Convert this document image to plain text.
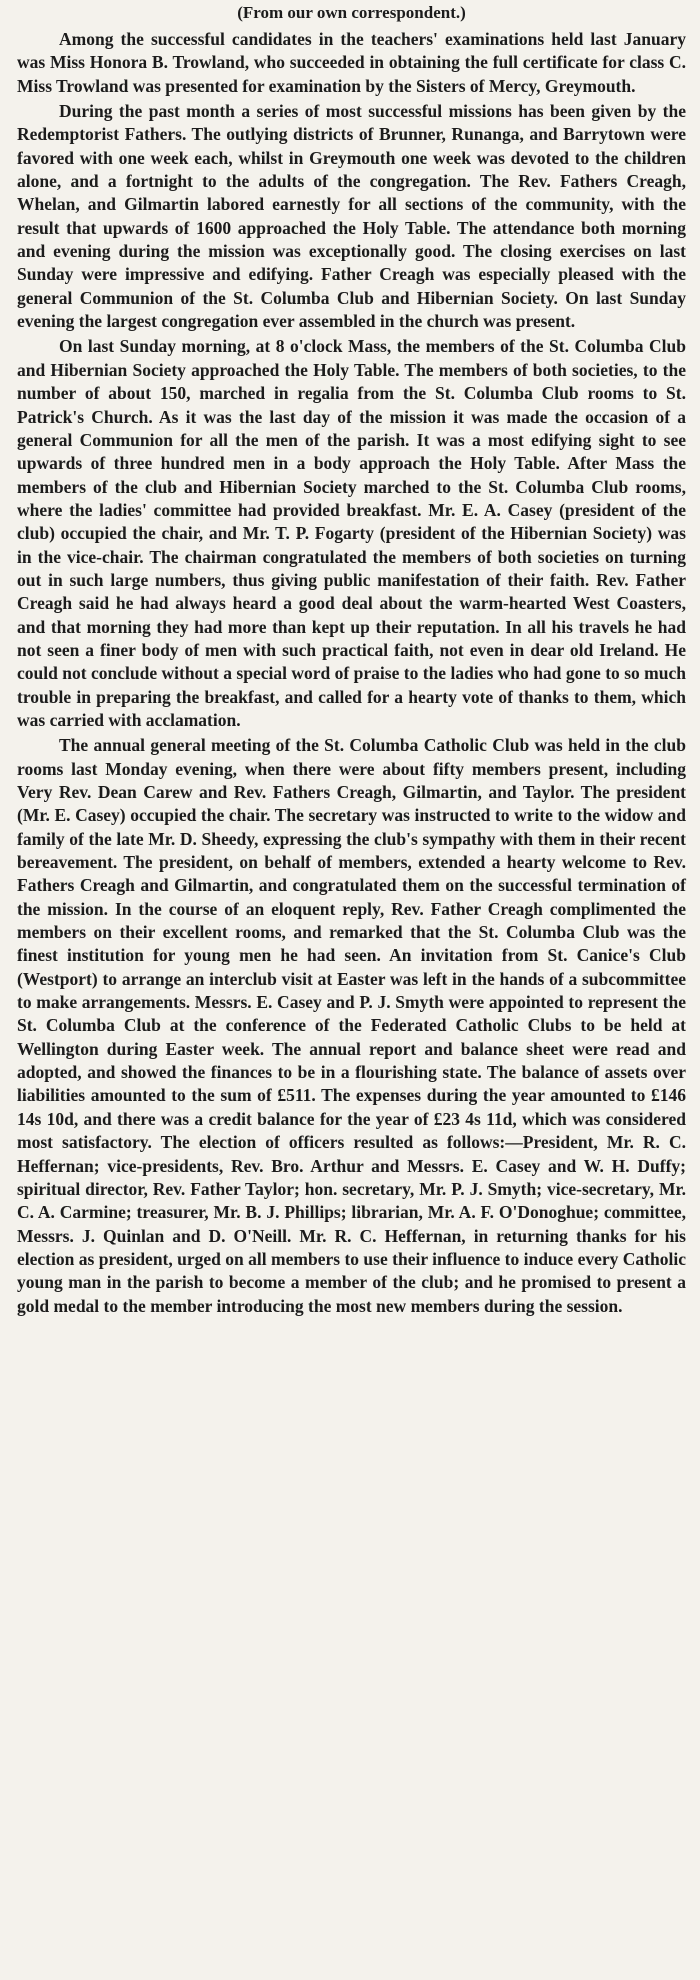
(From our own correspondent.)

Among the successful candidates in the teachers' examinations held last January was Miss Honora B. Trowland, who succeeded in obtaining the full certificate for class C. Miss Trowland was presented for examination by the Sisters of Mercy, Greymouth.

During the past month a series of most successful missions has been given by the Redemptorist Fathers. The outlying districts of Brunner, Runanga, and Barrytown were favored with one week each, whilst in Greymouth one week was devoted to the children alone, and a fortnight to the adults of the congregation. The Rev. Fathers Creagh, Whelan, and Gilmartin labored earnestly for all sections of the community, with the result that upwards of 1600 approached the Holy Table. The attendance both morning and evening during the mission was exceptionally good. The closing exercises on last Sunday were impressive and edifying. Father Creagh was especially pleased with the general Communion of the St. Columba Club and Hibernian Society. On last Sunday evening the largest congregation ever assembled in the church was present.

On last Sunday morning, at 8 o'clock Mass, the members of the St. Columba Club and Hibernian Society approached the Holy Table. The members of both societies, to the number of about 150, marched in regalia from the St. Columba Club rooms to St. Patrick's Church. As it was the last day of the mission it was made the occasion of a general Communion for all the men of the parish. It was a most edifying sight to see upwards of three hundred men in a body approach the Holy Table. After Mass the members of the club and Hibernian Society marched to the St. Columba Club rooms, where the ladies' committee had provided breakfast. Mr. E. A. Casey (president of the club) occupied the chair, and Mr. T. P. Fogarty (president of the Hibernian Society) was in the vice-chair. The chairman congratulated the members of both societies on turning out in such large numbers, thus giving public manifestation of their faith. Rev. Father Creagh said he had always heard a good deal about the warm-hearted West Coasters, and that morning they had more than kept up their reputation. In all his travels he had not seen a finer body of men with such practical faith, not even in dear old Ireland. He could not conclude without a special word of praise to the ladies who had gone to so much trouble in preparing the breakfast, and called for a hearty vote of thanks to them, which was carried with acclamation.

The annual general meeting of the St. Columba Catholic Club was held in the club rooms last Monday evening, when there were about fifty members present, including Very Rev. Dean Carew and Rev. Fathers Creagh, Gilmartin, and Taylor. The president (Mr. E. Casey) occupied the chair. The secretary was instructed to write to the widow and family of the late Mr. D. Sheedy, expressing the club's sympathy with them in their recent bereavement. The president, on behalf of members, extended a hearty welcome to Rev. Fathers Creagh and Gilmartin, and congratulated them on the successful termination of the mission. In the course of an eloquent reply, Rev. Father Creagh complimented the members on their excellent rooms, and remarked that the St. Columba Club was the finest institution for young men he had seen. An invitation from St. Canice's Club (Westport) to arrange an interclub visit at Easter was left in the hands of a subcommittee to make arrangements. Messrs. E. Casey and P. J. Smyth were appointed to represent the St. Columba Club at the conference of the Federated Catholic Clubs to be held at Wellington during Easter week. The annual report and balance sheet were read and adopted, and showed the finances to be in a flourishing state. The balance of assets over liabilities amounted to the sum of £511. The expenses during the year amounted to £146 14s 10d, and there was a credit balance for the year of £23 4s 11d, which was considered most satisfactory. The election of officers resulted as follows:—President, Mr. R. C. Heffernan; vice-presidents, Rev. Bro. Arthur and Messrs. E. Casey and W. H. Duffy; spiritual director, Rev. Father Taylor; hon. secretary, Mr. P. J. Smyth; vice-secretary, Mr. C. A. Carmine; treasurer, Mr. B. J. Phillips; librarian, Mr. A. F. O'Donoghue; committee, Messrs. J. Quinlan and D. O'Neill. Mr. R. C. Heffernan, in returning thanks for his election as president, urged on all members to use their influence to induce every Catholic young man in the parish to become a member of the club; and he promised to present a gold medal to the member introducing the most new members during the session.
